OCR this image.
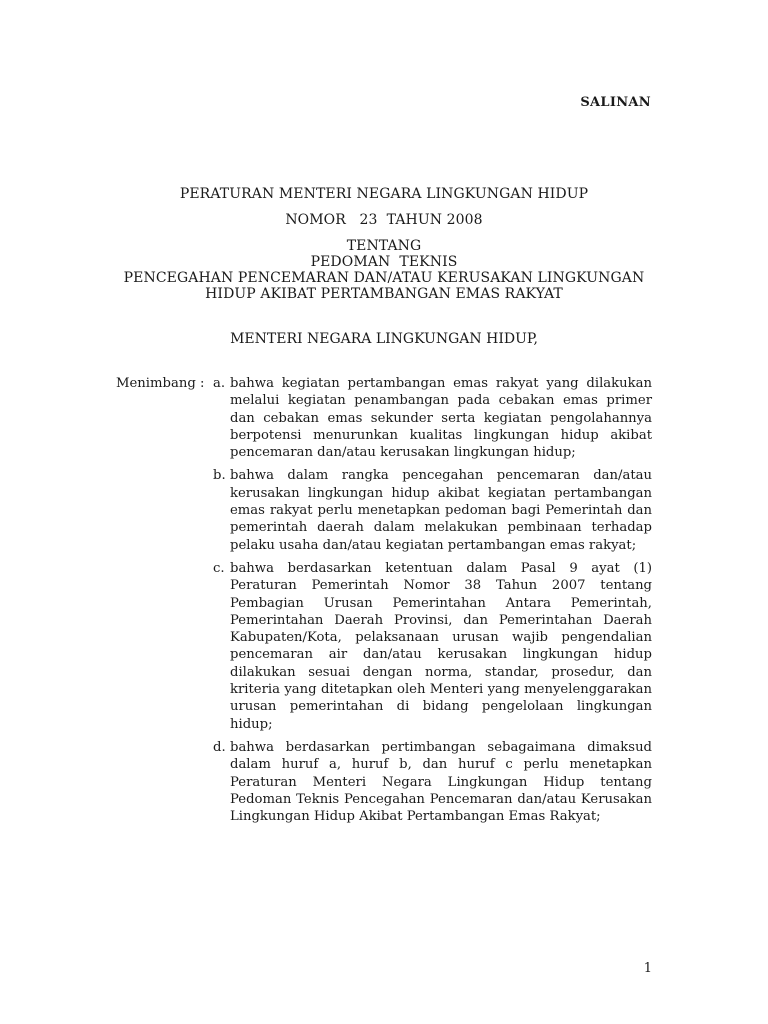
SALINAN
PERATURAN MENTERI NEGARA LINGKUNGAN HIDUP
NOMOR   23  TAHUN 2008
TENTANG
PEDOMAN  TEKNIS
PENCEGAHAN PENCEMARAN DAN/ATAU KERUSAKAN LINGKUNGAN
HIDUP AKIBAT PERTAMBANGAN EMAS RAKYAT
MENTERI NEGARA LINGKUNGAN HIDUP,
Menimbang : a. bahwa kegiatan pertambangan emas rakyat yang dilakukan melalui kegiatan penambangan pada cebakan emas primer dan cebakan emas sekunder serta kegiatan pengolahannya berpotensi menurunkan kualitas lingkungan hidup akibat pencemaran dan/atau kerusakan lingkungan hidup;
b. bahwa dalam rangka pencegahan pencemaran dan/atau kerusakan lingkungan hidup akibat kegiatan pertambangan emas rakyat perlu menetapkan pedoman bagi Pemerintah dan pemerintah daerah dalam melakukan pembinaan terhadap pelaku usaha dan/atau kegiatan pertambangan emas rakyat;
c. bahwa berdasarkan ketentuan dalam Pasal 9 ayat (1) Peraturan Pemerintah Nomor 38 Tahun 2007 tentang Pembagian Urusan Pemerintahan Antara Pemerintah, Pemerintahan Daerah Provinsi, dan Pemerintahan Daerah Kabupaten/Kota, pelaksanaan urusan wajib pengendalian pencemaran air dan/atau kerusakan lingkungan hidup dilakukan sesuai dengan norma, standar, prosedur, dan kriteria yang ditetapkan oleh Menteri yang menyelenggarakan urusan pemerintahan di bidang pengelolaan lingkungan hidup;
d. bahwa berdasarkan pertimbangan sebagaimana dimaksud dalam huruf a, huruf b, dan huruf c perlu menetapkan Peraturan Menteri Negara Lingkungan Hidup tentang Pedoman Teknis Pencegahan Pencemaran dan/atau Kerusakan Lingkungan Hidup Akibat Pertambangan Emas Rakyat;
1
